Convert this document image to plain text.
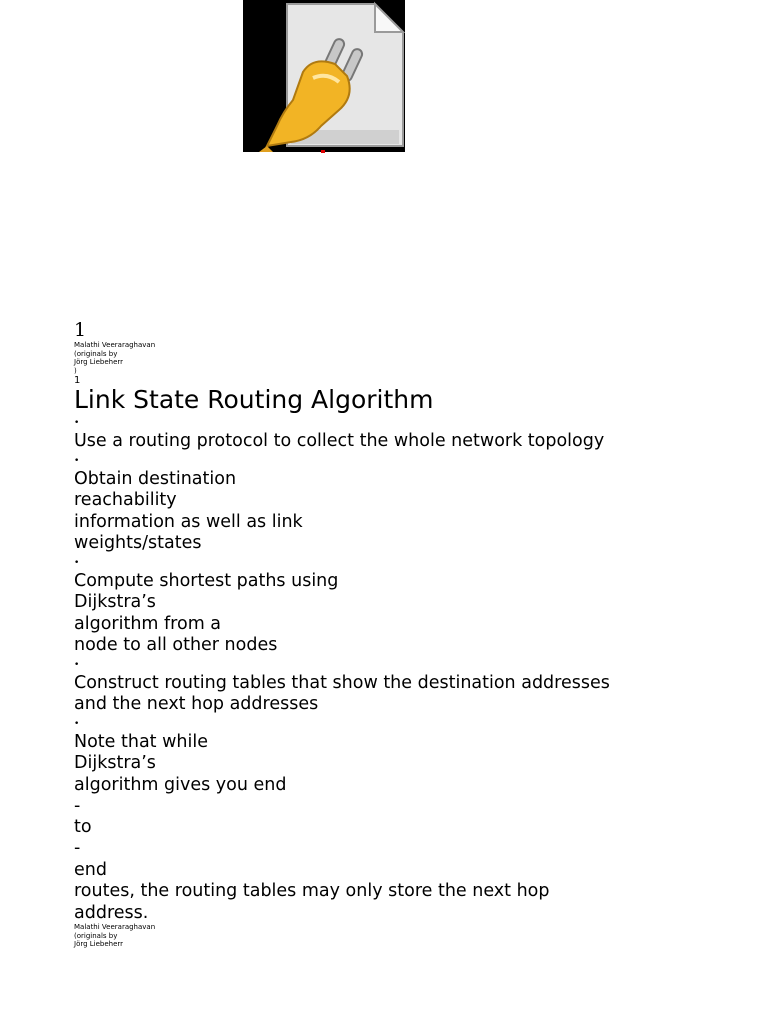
1
Malathi Veeraraghavan
(originals by
Jörg Liebeherr
)
1
Link State Routing Algorithm
•
Use a routing protocol to collect the whole network topology
•
Obtain destination
reachability
information as well as link
weights/states
•
Compute shortest paths using
Dijkstra’s
algorithm from a
node to all other nodes
•
Construct routing tables that show the destination addresses
and the next hop addresses
•
Note that while
Dijkstra’s
algorithm gives you end
-
to
-
end
routes, the routing tables may only store the next hop
address.
Malathi Veeraraghavan
(originals by
Jörg Liebeherr
